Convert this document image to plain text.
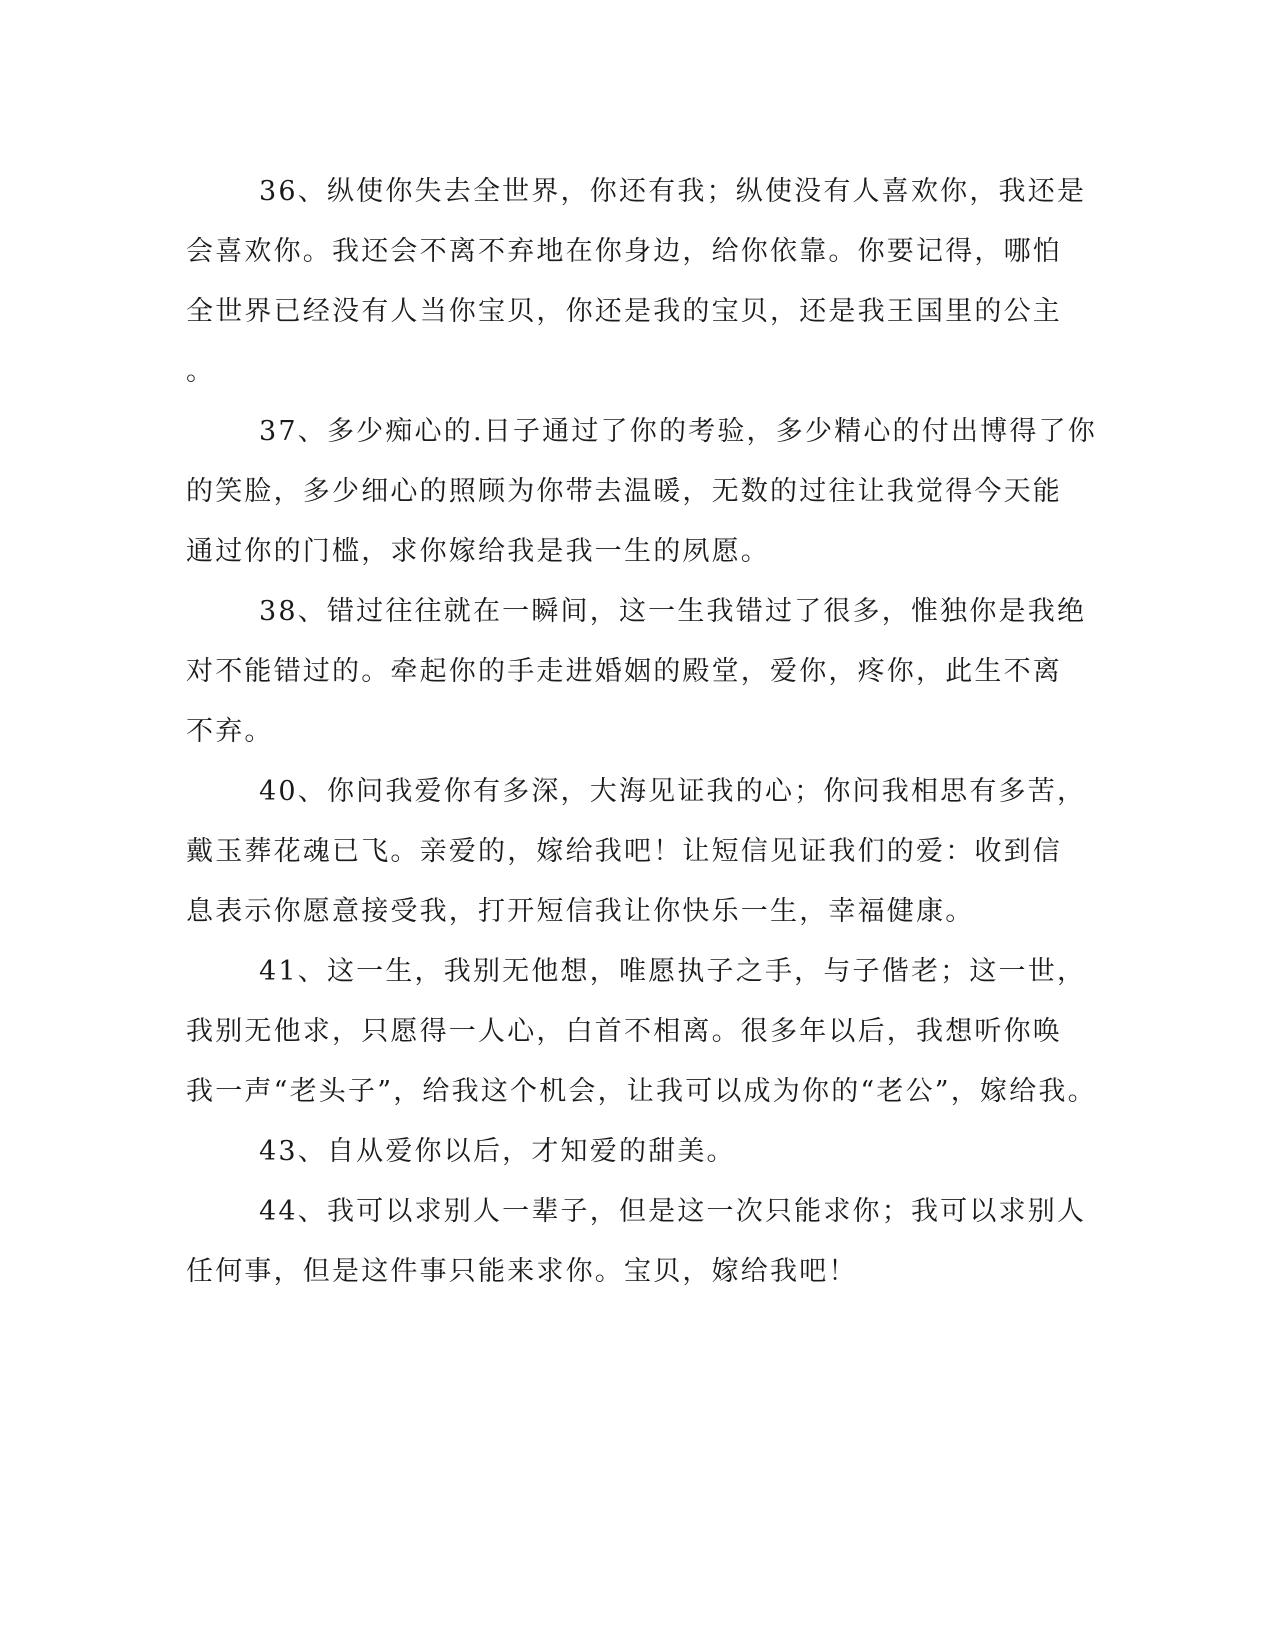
36、纵使你失去全世界，你还有我；纵使没有人喜欢你，我还是
会喜欢你。我还会不离不弃地在你身边，给你依靠。你要记得，哪怕
全世界已经没有人当你宝贝，你还是我的宝贝，还是我王国里的公主
。
37、多少痴心的.日子通过了你的考验，多少精心的付出博得了你
的笑脸，多少细心的照顾为你带去温暖，无数的过往让我觉得今天能
通过你的门槛，求你嫁给我是我一生的夙愿。
38、错过往往就在一瞬间，这一生我错过了很多，惟独你是我绝
对不能错过的。牵起你的手走进婚姻的殿堂，爱你，疼你，此生不离
不弃。
40、你问我爱你有多深，大海见证我的心；你问我相思有多苦，
戴玉葬花魂已飞。亲爱的，嫁给我吧！让短信见证我们的爱：收到信
息表示你愿意接受我，打开短信我让你快乐一生，幸福健康。
41、这一生，我别无他想，唯愿执子之手，与子偕老；这一世，
我别无他求，只愿得一人心，白首不相离。很多年以后，我想听你唤
我一声“老头子”，给我这个机会，让我可以成为你的“老公”，嫁给我。
43、自从爱你以后，才知爱的甜美。
44、我可以求别人一辈子，但是这一次只能求你；我可以求别人
任何事，但是这件事只能来求你。宝贝，嫁给我吧！
